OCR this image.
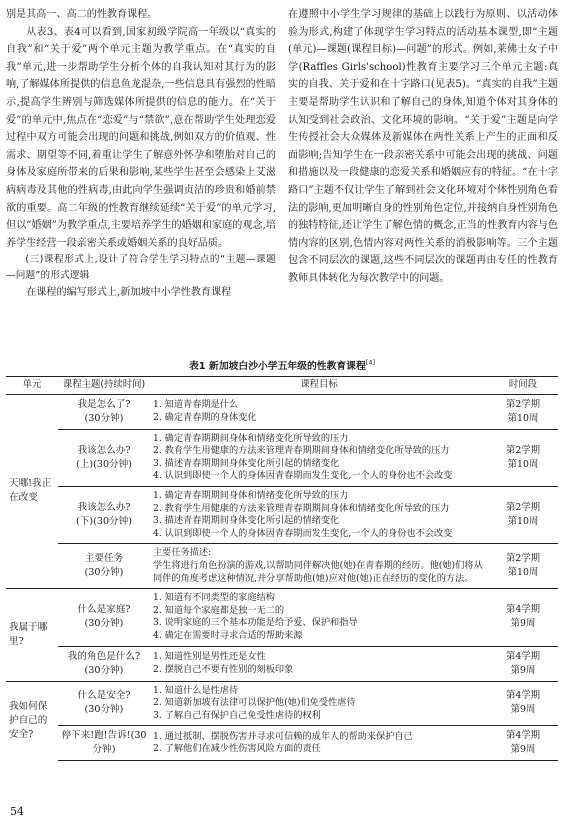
别是其高一、高二的性教育课程。

从表3、表4可以看到,国家初级学院高一年级以“真实的自我”和“关于爱”两个单元主题为教学重点。在“真实的自我”单元,进一步帮助学生分析个体的自我认知对其行为的影响,了解媒体所提供的信息鱼龙混杂,一些信息具有强烈的性暗示,提高学生辨别与筛选媒体所提供的信息的能力。在“关于爱”的单元中,焦点在“恋爱”与“禁欲”,意在帮助学生处理恋爱过程中双方可能会出现的问题和挑战,例如双方的价值观、性需求、期望等不同,着重让学生了解意外怀孕和堕胎对自己的身体及家庭所带来的后果和影响,某些学生甚至会感染上艾滋病病毒及其他的性病毒,由此向学生强调贞洁的珍贵和婚前禁欲的重要。高二年级的性教育继续延续“关于爱”的单元学习,但以“婚姻”为教学重点,主要培养学生的婚姻和家庭的观念,培养学生经营一段亲密关系或婚姻关系的良好品质。

(三)课程形式上,设计了符合学生学习特点的“主题—课题—问题”的形式逻辑

在课程的编写形式上,新加坡中小学性教育课程

在遵照中小学生学习规律的基础上以践行为原则、以活动体验为形式,构建了体现学生学习特点的活动基本课型,即“主题(单元)—课题(课程目标)—问题”的形式。例如,莱佛士女子中学(Raffles Girls'school)性教育主要学习三个单元主题:真实的自我、关于爱和在十字路口(见表5)。“真实的自我”主题主要是帮助学生认识和了解自己的身体,知道个体对其身体的认知受到社会政治、文化环境的影响。“关于爱”主题是向学生传授社会大众媒体及新媒体在两性关系上产生的正面和反面影响;告知学生在一段亲密关系中可能会出现的挑战、问题和措施以及一段健康的恋爱关系和婚姻应有的特征。“在十字路口”主题不仅让学生了解到社会文化环境对个体性别角色看法的影响,更加明晰自身的性别角色定位,并接纳自身性别角色的独特特征,还让学生了解色情的概念,正当的性教育内容与色情内容的区别,色情内容对两性关系的消极影响等。三个主题包含不同层次的课题,这些不同层次的课题再由专任的性教育教师具体转化为每次教学中的问题。

表1 新加坡白沙小学五年级的性教育课程[4]
单元	课程主题(持续时间)	课程目标	时间段
天哪!我正在改变	我是怎么了?
(30分钟)	1. 知道青春期是什么
2. 确定青春期的身体变化	第2学期
第10周

	我该怎么办?
(上)(30分钟)	1. 确定青春期期间身体和情绪变化所导致的压力
2. 教育学生用健康的方法来管理青春期期间身体和情绪变化所导致的压力
3. 描述青春期期间身体变化所引起的情绪变化
4. 认识到即使一个人的身体因青春期而发生变化,一个人的身份也不会改变	第2学期
第10周

	我该怎么办?
(下)(30分钟)	1. 确定青春期期间身体和情绪变化所导致的压力
2. 教育学生用健康的方法来管理青春期期间身体和情绪变化所导致的压力
3. 描述青春期期间身体变化所引起的情绪变化
4. 认识到即使一个人的身体因青春期而发生变化,一个人的身份也不会改变	第2学期
第10周

	主要任务
(30分钟)	主要任务描述:
学生将进行角色扮演的游戏,以帮助同伴解决他(她)在青春期的经历。他(她)们将从同伴的角度考虑这种情况,并分享帮助他(她)应对他(她)正在经历的变化的方法。	第2学期
第10周

我属于哪里?	什么是家庭?
(30分钟)	1. 知道有不同类型的家庭结构
2. 知道每个家庭都是独一无二的
3. 说明家庭的三个基本功能是给予爱、保护和指导
4. 确定在需要时寻求合适的帮助来源	第4学期
第9周

	我的角色是什么?(30分钟)	1. 知道性别是男性还是女性
2. 摆脱自己不要有性别的刻板印象	第4学期
第9周

我如何保护自己的安全?	什么是安全?
(30分钟)	1. 知道什么是性虐待
2. 知道新加坡有法律可以保护他(她)们免受性虐待
3. 了解自己有保护自己免受性虐待的权利	第4学期
第9周

	停下来!跑!告诉!(30分钟)	1. 通过抵制、摆脱伤害并寻求可信赖的成年人的帮助来保护自己
2. 了解他们在减少性伤害风险方面的责任	第4学期
第9周
54
